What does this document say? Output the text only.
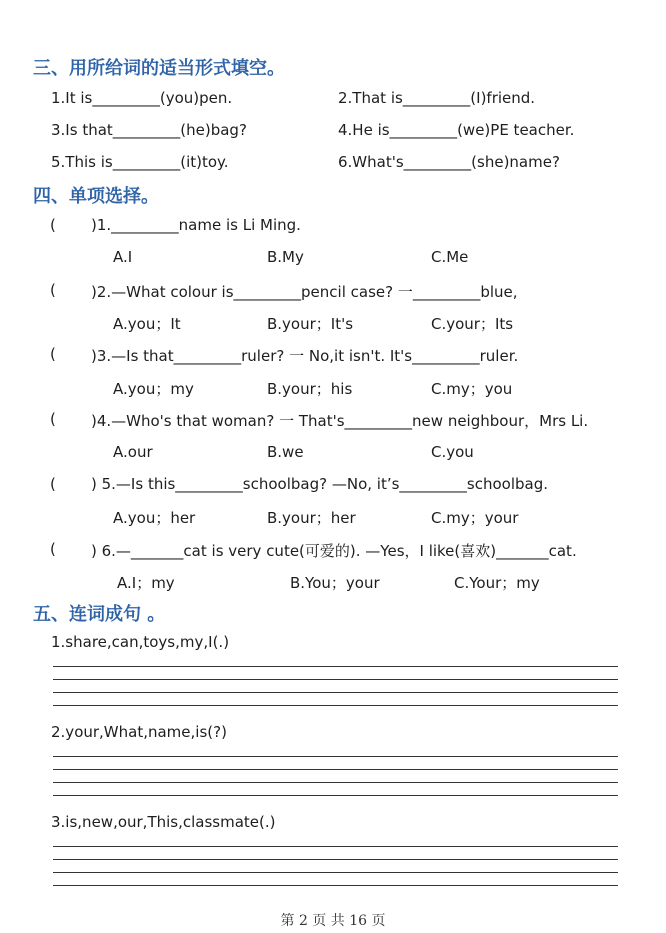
三、用所给词的适当形式填空。
1.It is_________(you)pen.	2.That is_________(I)friend.
3.Is that_________(he)bag?	4.He is_________(we)PE teacher.
5.This is_________(it)toy.	6.What's_________(she)name?
四、单项选择。
( )1._________name is Li Ming.
A.I	B.My	C.Me
( )2.—What colour is_________pencil case? 一_________blue,
A.you；It	B.your；It's	C.your；Its
( )3.—Is that_________ruler? 一 No,it isn't. It's_________ruler.
A.you；my	B.your；his	C.my；you
( )4.—Who's that woman? 一 That's_________new neighbour，Mrs Li.
A.our	B.we	C.you
( ) 5.—Is this_________schoolbag? —No, it’s_________schoolbag.
A.you；her	B.your；her	C.my；your
( ) 6.—_______cat is very cute(可爱的). —Yes，I like(喜欢)_______cat.
A.I；my	B.You；your	C.Your；my
五、连词成句 。
1.share,can,toys,my,I(.)
2.your,What,name,is(?)
3.is,new,our,This,classmate(.)
第 2 页 共 16 页
